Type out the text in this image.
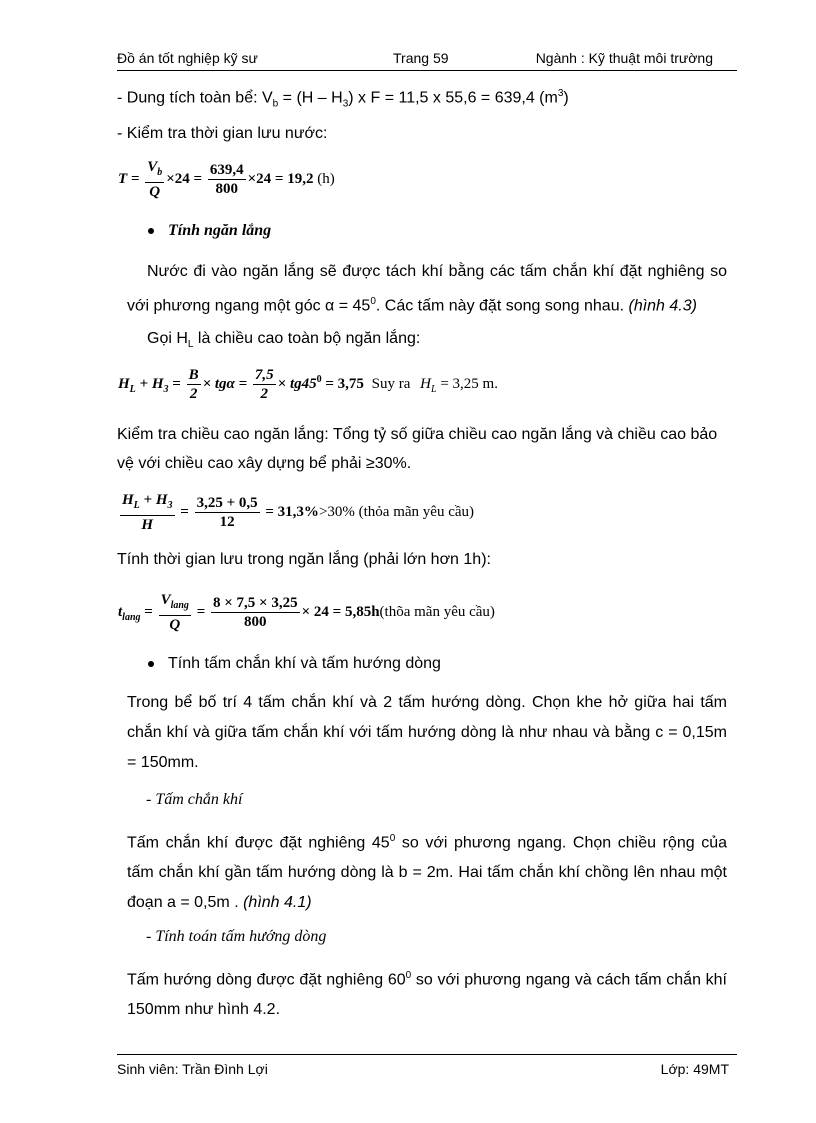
Đồ án tốt nghiệp kỹ sư	Trang 59	Ngành : Kỹ thuật môi trường
- Dung tích toàn bể: $V_b = (H - H_3)$ x F = 11,5 x 55,6 = 639,4 $(m^3)$
- Kiểm tra thời gian lưu nước:
$T = \frac{V_b}{Q} \times 24 = \frac{639,4}{800} \times 24 = 19,2$ (h)
Tính ngăn lắng
Nước đi vào ngăn lắng sẽ được tách khí bằng các tấm chắn khí đặt nghiêng so với phương ngang một góc $\alpha = 45^0$. Các tấm này đặt song song nhau. (hình 4.3)
Gọi $H_L$ là chiều cao toàn bộ ngăn lắng:
$H_L + H_3 = \frac{B}{2} \times tg\alpha = \frac{7,5}{2} \times tg45^0 = 3,75$ Suy ra $H_L = 3,25$ m.
Kiểm tra chiều cao ngăn lắng: Tổng tỷ số giữa chiều cao ngăn lắng và chiều cao bảo
vệ với chiều cao xây dựng bể phải ≥30%.
$\frac{H_L + H_3}{H} = \frac{3,25 + 0,5}{12} = 31,3\%>30\%$ (thỏa mãn yêu cầu)
Tính thời gian lưu trong ngăn lắng (phải lớn hơn 1h):
$t_{lang} = \frac{V_{lang}}{Q} = \frac{8 \times 7,5 \times 3,25}{800} \times 24$ = 5,85h(thõa mãn yêu cầu)
Tính tấm chắn khí và tấm hướng dòng
Trong bể bố trí 4 tấm chắn khí và 2 tấm hướng dòng. Chọn khe hở giữa hai tấm chắn khí và giữa tấm chắn khí với tấm hướng dòng là như nhau và bằng c = 0,15m = 150mm.
- Tấm chắn khí
Tấm chắn khí được đặt nghiêng $45^0$ so với phương ngang. Chọn chiều rộng của tấm chắn khí gần tấm hướng dòng là b = 2m. Hai tấm chắn khí chồng lên nhau một đoạn a = 0,5m . (hình 4.1)
- Tính toán tấm hướng dòng
Tấm hướng dòng được đặt nghiêng $60^0$ so với phương ngang và cách tấm chắn khí 150mm như hình 4.2.
Sinh viên: Trần Đình Lợi	Lớp: 49MT
